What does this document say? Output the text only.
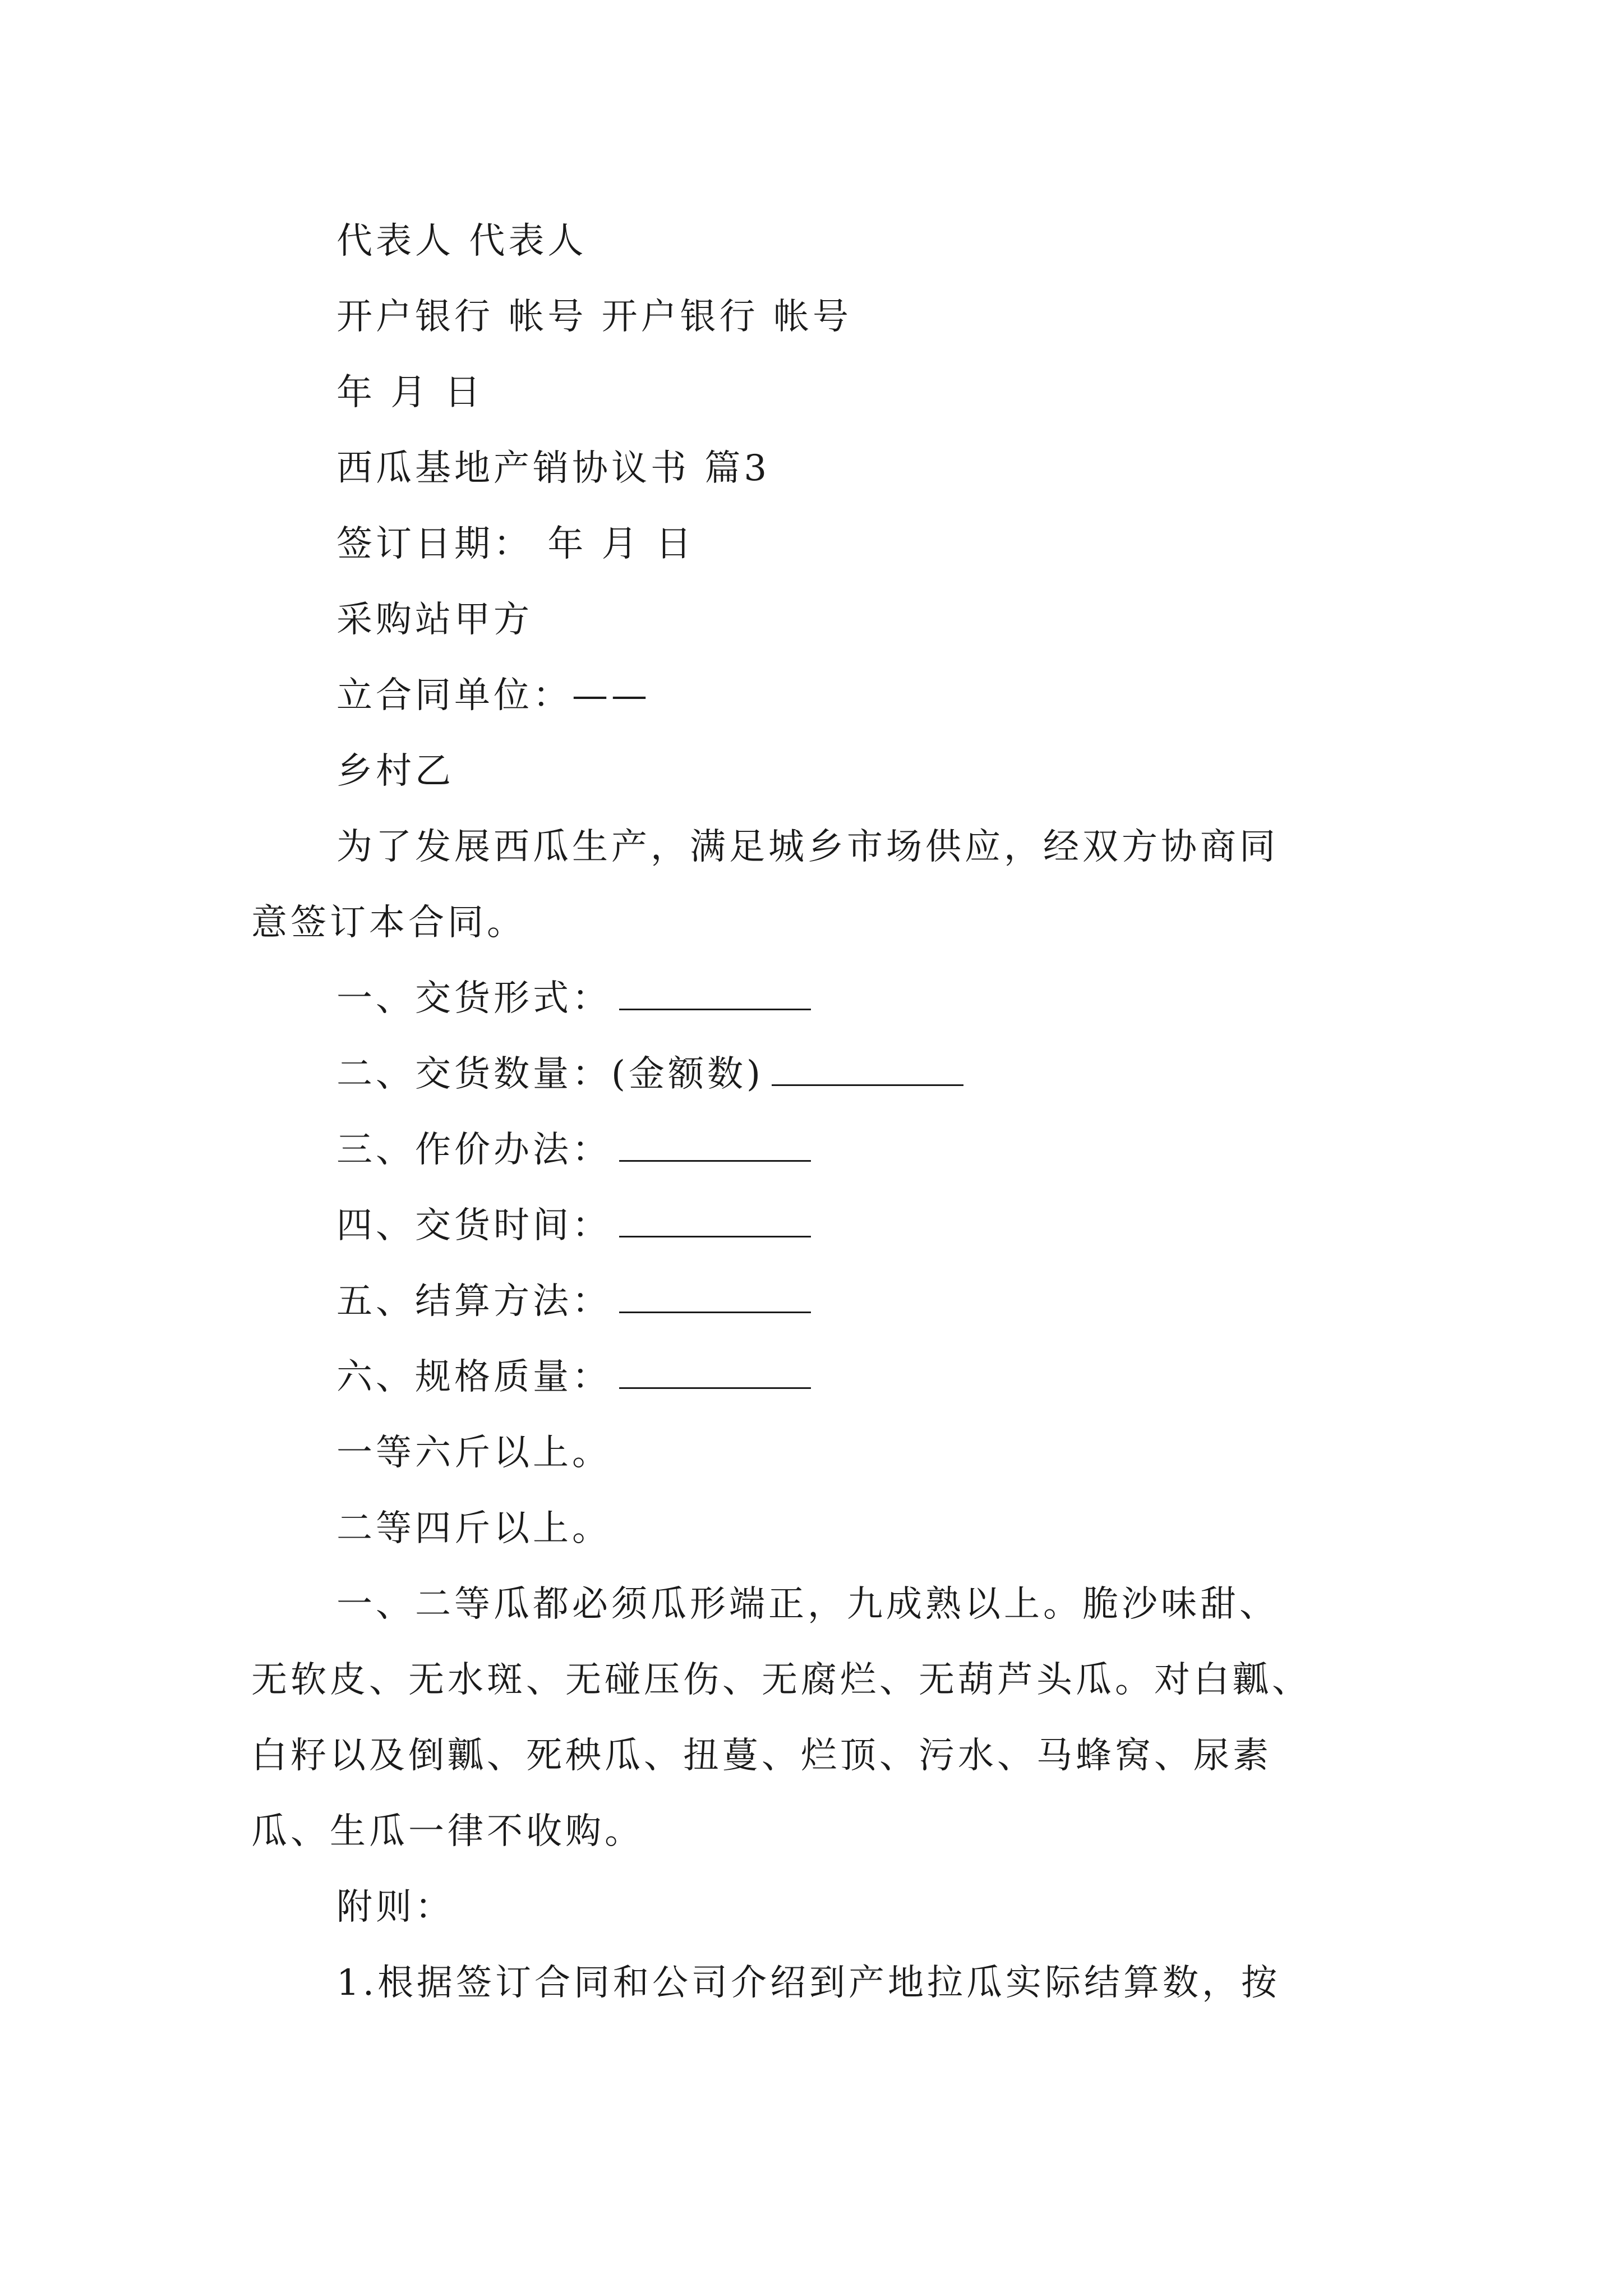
代表人 代表人
开户银行 帐号 开户银行 帐号
年 月 日
西瓜基地产销协议书 篇3
签订日期： 年 月 日
采购站甲方
立合同单位：——
乡村乙
为了发展西瓜生产，满足城乡市场供应，经双方协商同
意签订本合同。
一、交货形式：
二、交货数量：(金额数)
三、作价办法：
四、交货时间：
五、结算方法：
六、规格质量：
一等六斤以上。
二等四斤以上。
一、二等瓜都必须瓜形端正，九成熟以上。脆沙味甜、
无软皮、无水斑、无碰压伤、无腐烂、无葫芦头瓜。对白瓤、
白籽以及倒瓤、死秧瓜、扭蔓、烂顶、污水、马蜂窝、尿素
瓜、生瓜一律不收购。
附则：
1.根据签订合同和公司介绍到产地拉瓜实际结算数，按
